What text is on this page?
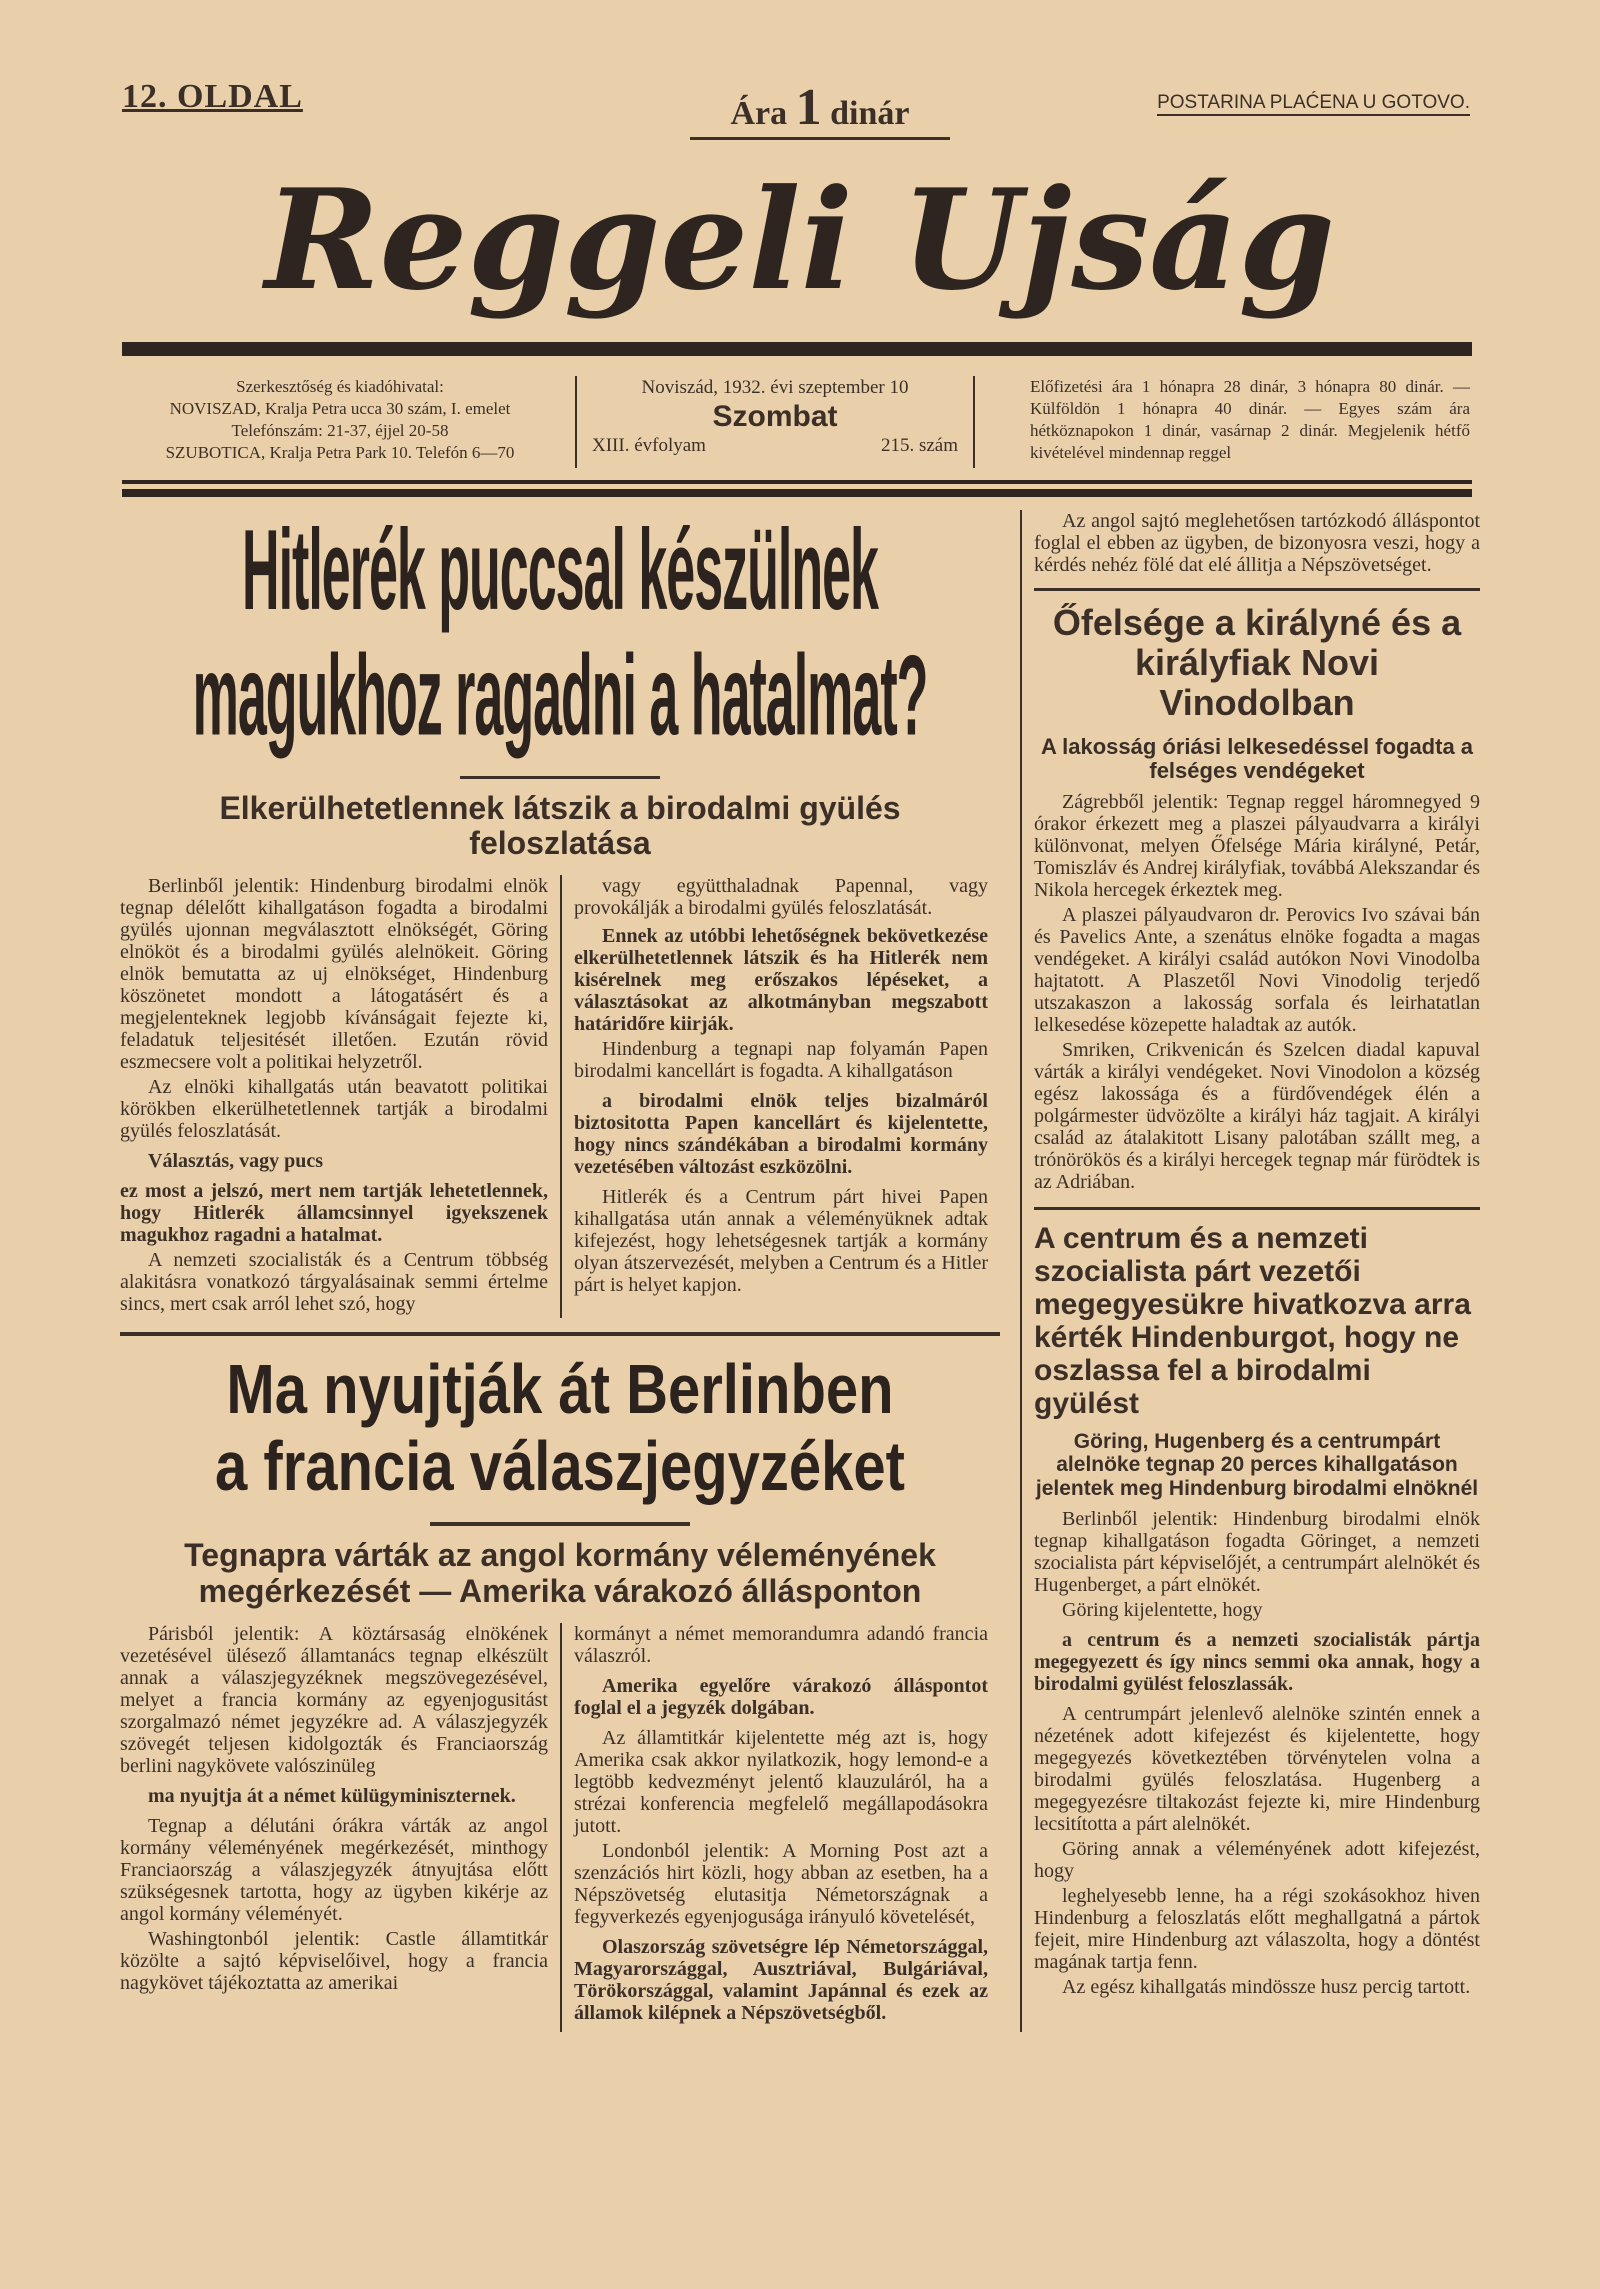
12. OLDAL	Ára 1 dinár	POSTARINA PLAĆENA U GOTOVO.
Reggeli Ujság
Szerkesztőség és kiadóhivatal:
NOVISZAD, Kralja Petra ucca 30 szám, I. emelet
Telefónszám: 21-37, éjjel 20-58
SZUBOTICA, Kralja Petra Park 10. Telefón 6—70
Noviszád, 1932. évi szeptember 10
Szombat
XIII. évfolyam	215. szám
Előfizetési ára 1 hónapra 28 dinár, 3 hónapra 80 dinár. — Külföldön 1 hónapra 40 dinár. — Egyes szám ára hétköznapokon 1 dinár, vasárnap 2 dinár. Megjelenik hétfő kivételével mindennap reggel
Hitlerék puccsal készülnek
magukhoz ragadni a hatalmat?
Elkerülhetetlennek látszik a birodalmi gyülés feloszlatása

Berlinből jelentik: Hindenburg birodalmi elnök tegnap délelőtt kihallgatáson fogadta a birodalmi gyülés ujonnan megválasztott elnökségét, Göring elnököt és a birodalmi gyülés alelnökeit. Göring elnök bemutatta az uj elnökséget, Hindenburg köszönetet mondott a látogatásért és a megjelenteknek legjobb kívánságait fejezte ki, feladatuk teljesitését illetően. Ezután rövid eszmecsere volt a politikai helyzetről.

Az elnöki kihallgatás után beavatott politikai körökben elkerülhetetlennek tartják a birodalmi gyülés feloszlatását.

Választás, vagy pucs

ez most a jelszó, mert nem tartják lehetetlennek, hogy Hitlerék államcsinnyel igyekszenek magukhoz ragadni a hatalmat.

A nemzeti szocialisták és a Centrum többség alakitásra vonatkozó tárgyalásainak semmi értelme sincs, mert csak arról lehet szó, hogy

vagy együtthaladnak Papennal, vagy provokálják a birodalmi gyülés feloszlatását.

Ennek az utóbbi lehetőségnek bekövetkezése elkerülhetetlennek látszik és ha Hitlerék nem kisérelnek meg erőszakos lépéseket, a választásokat az alkotmányban megszabott határidőre kiirják.

Hindenburg a tegnapi nap folyamán Papen birodalmi kancellárt is fogadta. A kihallgatáson

a birodalmi elnök teljes bizalmáról biztositotta Papen kancellárt és kijelentette, hogy nincs szándékában a birodalmi kormány vezetésében változást eszközölni.

Hitlerék és a Centrum párt hivei Papen kihallgatása után annak a véleményüknek adtak kifejezést, hogy lehetségesnek tartják a kormány olyan átszervezését, melyben a Centrum és a Hitler párt is helyet kapjon.

Ma nyujtják át Berlinben
a francia válaszjegyzéket
Tegnapra várták az angol kormány véleményének megérkezését — Amerika várakozó állásponton

Párisból jelentik: A köztársaság elnökének vezetésével ülésező államtanács tegnap elkészült annak a válaszjegyzéknek megszövegezésével, melyet a francia kormány az egyenjogusitást szorgalmazó német jegyzékre ad. A válaszjegyzék szövegét teljesen kidolgozták és Franciaország berlini nagykövete valószinüleg

ma nyujtja át a német külügyminiszternek.

Tegnap a délutáni órákra várták az angol kormány véleményének megérkezését, minthogy Franciaország a válaszjegyzék átnyujtása előtt szükségesnek tartotta, hogy az ügyben kikérje az angol kormány véleményét.

Washingtonból jelentik: Castle államtitkár közölte a sajtó képviselőivel, hogy a francia nagykövet tájékoztatta az amerikai

kormányt a német memorandumra adandó francia válaszról.

Amerika egyelőre várakozó álláspontot foglal el a jegyzék dolgában.

Az államtitkár kijelentette még azt is, hogy Amerika csak akkor nyilatkozik, hogy lemond-e a legtöbb kedvezményt jelentő klauzuláról, ha a strézai konferencia megfelelő megállapodásokra jutott.

Londonból jelentik: A Morning Post azt a szenzációs hirt közli, hogy abban az esetben, ha a Népszövetség elutasitja Németországnak a fegyverkezés egyenjogusága irányuló követelését,

Olaszország szövetségre lép Németországgal, Magyarországgal, Ausztriával, Bulgáriával, Törökországgal, valamint Japánnal és ezek az államok kilépnek a Népszövetségből.

Az angol sajtó meglehetősen tartózkodó álláspontot foglal el ebben az ügyben, de bizonyosra veszi, hogy a kérdés nehéz fölé dat elé állitja a Népszövetséget.

Őfelsége a királyné és a királyfiak Novi Vinodolban
A lakosság óriási lelkesedéssel fogadta a felséges vendégeket

Zágrebből jelentik: Tegnap reggel háromnegyed 9 órakor érkezett meg a plaszei pályaudvarra a királyi különvonat, melyen Őfelsége Mária királyné, Petár, Tomiszláv és Andrej királyfiak, továbbá Alekszandar és Nikola hercegek érkeztek meg.

A plaszei pályaudvaron dr. Perovics Ivo szávai bán és Pavelics Ante, a szenátus elnöke fogadta a magas vendégeket. A királyi család autókon Novi Vinodolba hajtatott. A Plaszetől Novi Vinodolig terjedő utszakaszon a lakosság sorfala és leirhatatlan lelkesedése közepette haladtak az autók.

Smriken, Crikvenicán és Szelcen diadal kapuval várták a királyi vendégeket. Novi Vinodolon a község egész lakossága és a fürdővendégek élén a polgármester üdvözölte a királyi ház tagjait. A királyi család az átalakitott Lisany palotában szállt meg, a trónörökös és a királyi hercegek tegnap már fürödtek is az Adriában.

A centrum és a nemzeti szocialista párt vezetői megegyesükre hivatkozva arra kérték Hindenburgot, hogy ne oszlassa fel a birodalmi gyülést
Göring, Hugenberg és a centrumpárt alelnöke tegnap 20 perces kihallgatáson jelentek meg Hindenburg birodalmi elnöknél

Berlinből jelentik: Hindenburg birodalmi elnök tegnap kihallgatáson fogadta Göringet, a nemzeti szocialista párt képviselőjét, a centrumpárt alelnökét és Hugenberget, a párt elnökét.

Göring kijelentette, hogy

a centrum és a nemzeti szocialisták pártja megegyezett és így nincs semmi oka annak, hogy a birodalmi gyülést feloszlassák.

A centrumpárt jelenlevő alelnöke szintén ennek a nézetének adott kifejezést és kijelentette, hogy megegyezés következtében törvénytelen volna a birodalmi gyülés feloszlatása. Hugenberg a megegyezésre tiltakozást fejezte ki, mire Hindenburg lecsitította a párt alelnökét.

Göring annak a véleményének adott kifejezést, hogy

leghelyesebb lenne, ha a régi szokásokhoz hiven Hindenburg a feloszlatás előtt meghallgatná a pártok fejeit, mire Hindenburg azt válaszolta, hogy a döntést magának tartja fenn.

Az egész kihallgatás mindössze husz percig tartott.
